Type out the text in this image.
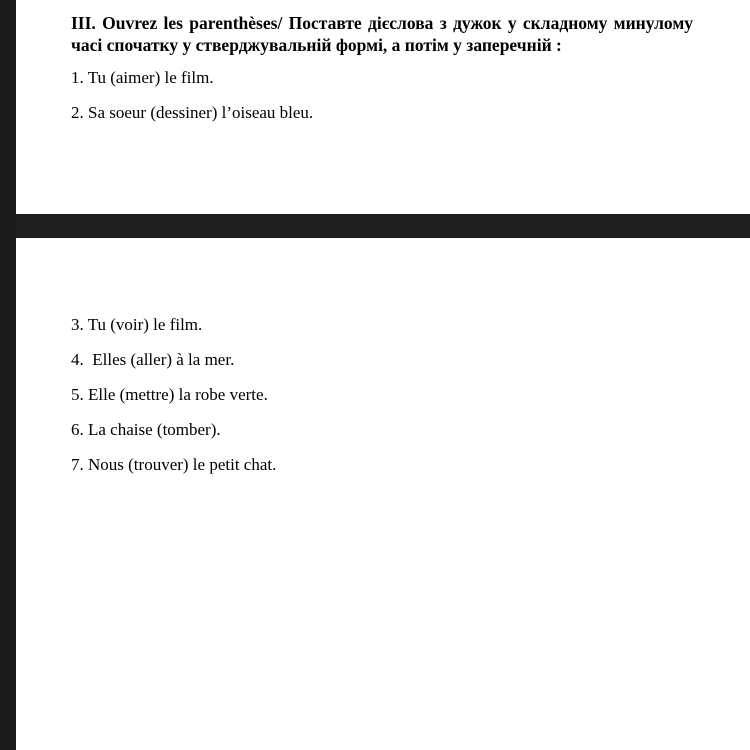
III. Ouvrez les parenthèses/ Поставте дієслова з дужок у складному минулому часі спочатку у стверджувальній формі, а потім у заперечній :

1. Tu (aimer) le film.

2. Sa soeur (dessiner) l’oiseau bleu.

3. Tu (voir) le film.

4.  Elles (aller) à la mer.

5. Elle (mettre) la robe verte.

6. La chaise (tomber).

7. Nous (trouver) le petit chat.
